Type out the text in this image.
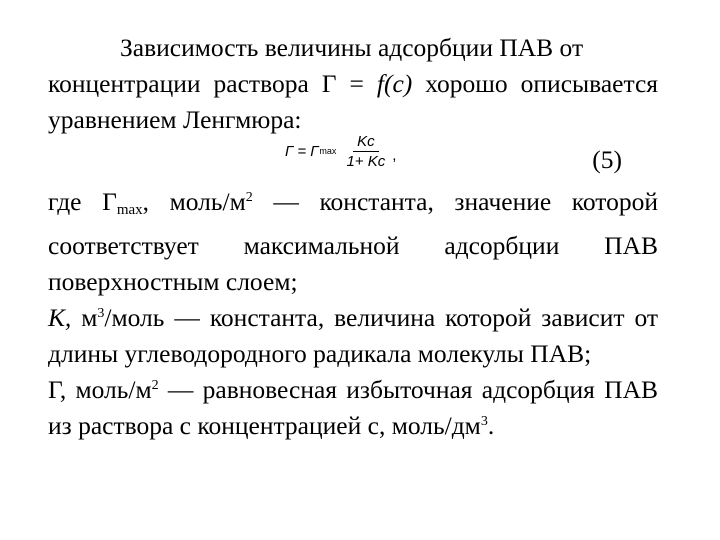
Зависимость величины адсорбции ПАВ от
концентрации раствора Г = f(c) хорошо описывается уравнением Ленгмюра:

Г = Г $\max \frac{Kc}{1+ Kc}$ ,	(5)

где Гmax, моль/$м^2$ — константа, значение которой соответствует максимальной адсорбции ПАВ поверхностным слоем;

К, $м^3$/моль — константа, величина которой зависит от длины углеводородного радикала молекулы ПАВ;

Г, моль/$м^2$ — равновесная избыточная адсорбция ПАВ из раствора с концентрацией с, моль/$дм^3$.
